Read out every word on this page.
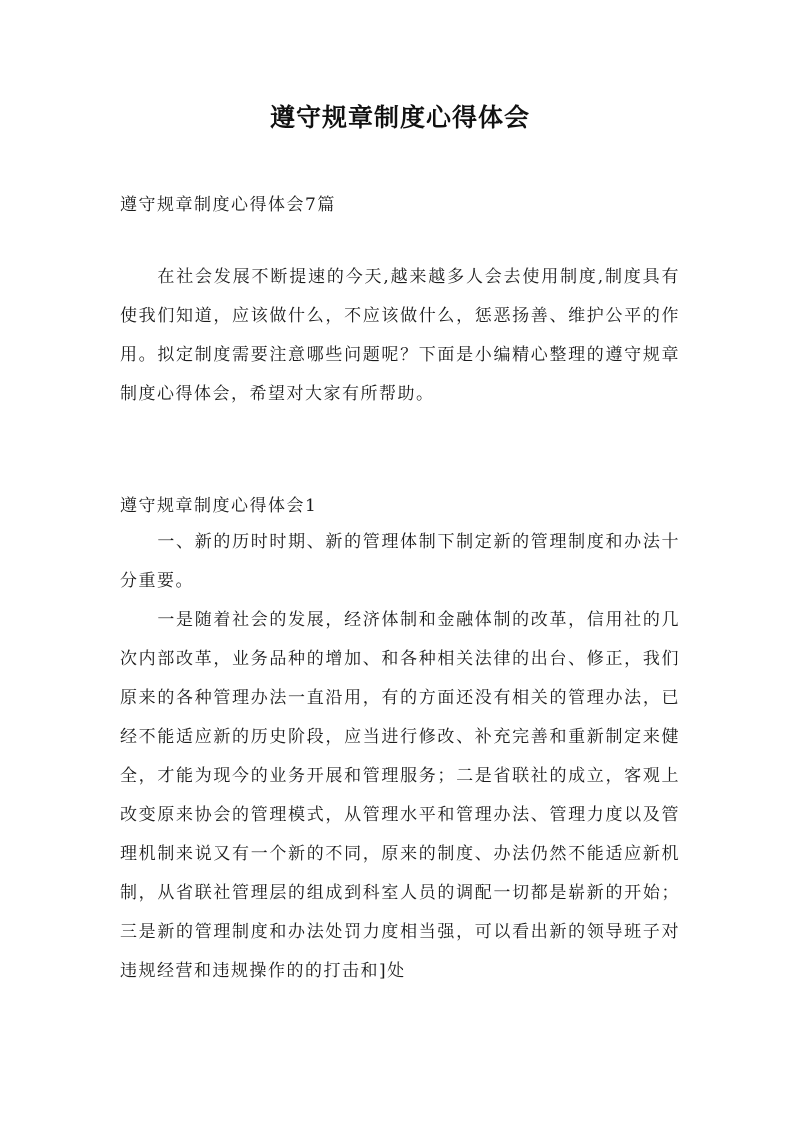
遵守规章制度心得体会
遵守规章制度心得体会7篇

在社会发展不断提速的今天,越来越多人会去使用制度,制度具有使我们知道，应该做什么，不应该做什么，惩恶扬善、维护公平的作用。拟定制度需要注意哪些问题呢？下面是小编精心整理的遵守规章制度心得体会，希望对大家有所帮助。

遵守规章制度心得体会1

一、新的历时时期、新的管理体制下制定新的管理制度和办法十分重要。

一是随着社会的发展，经济体制和金融体制的改革，信用社的几次内部改革，业务品种的增加、和各种相关法律的出台、修正，我们原来的各种管理办法一直沿用，有的方面还没有相关的管理办法，已经不能适应新的历史阶段，应当进行修改、补充完善和重新制定来健全，才能为现今的业务开展和管理服务；二是省联社的成立，客观上改变原来协会的管理模式，从管理水平和管理办法、管理力度以及管理机制来说又有一个新的不同，原来的制度、办法仍然不能适应新机制，从省联社管理层的组成到科室人员的调配一切都是崭新的开始；三是新的管理制度和办法处罚力度相当强，可以看出新的领导班子对违规经营和违规操作的的打击和]处
